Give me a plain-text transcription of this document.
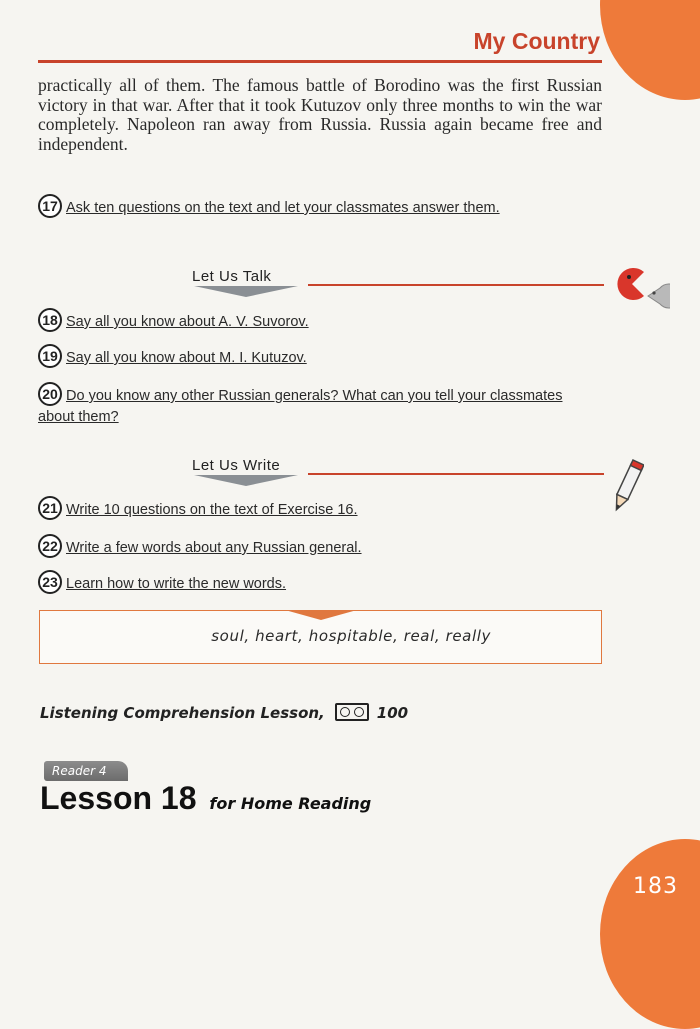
My Country
practically all of them. The famous battle of Borodino was the first Russian victory in that war. After that it took Kutuzov only three months to win the war completely. Napoleon ran away from Russia. Russia again became free and independent.
17 Ask ten questions on the text and let your classmates answer them.
Let Us Talk
18 Say all you know about A. V. Suvorov.
19 Say all you know about M. I. Kutuzov.
20 Do you know any other Russian generals? What can you tell your classmates about them?
Let Us Write
21 Write 10 questions on the text of Exercise 16.
22 Write a few words about any Russian general.
23 Learn how to write the new words.
soul, heart, hospitable, real, really
Listening Comprehension Lesson,	100
Reader 4
Lesson 18 for Home Reading
183
